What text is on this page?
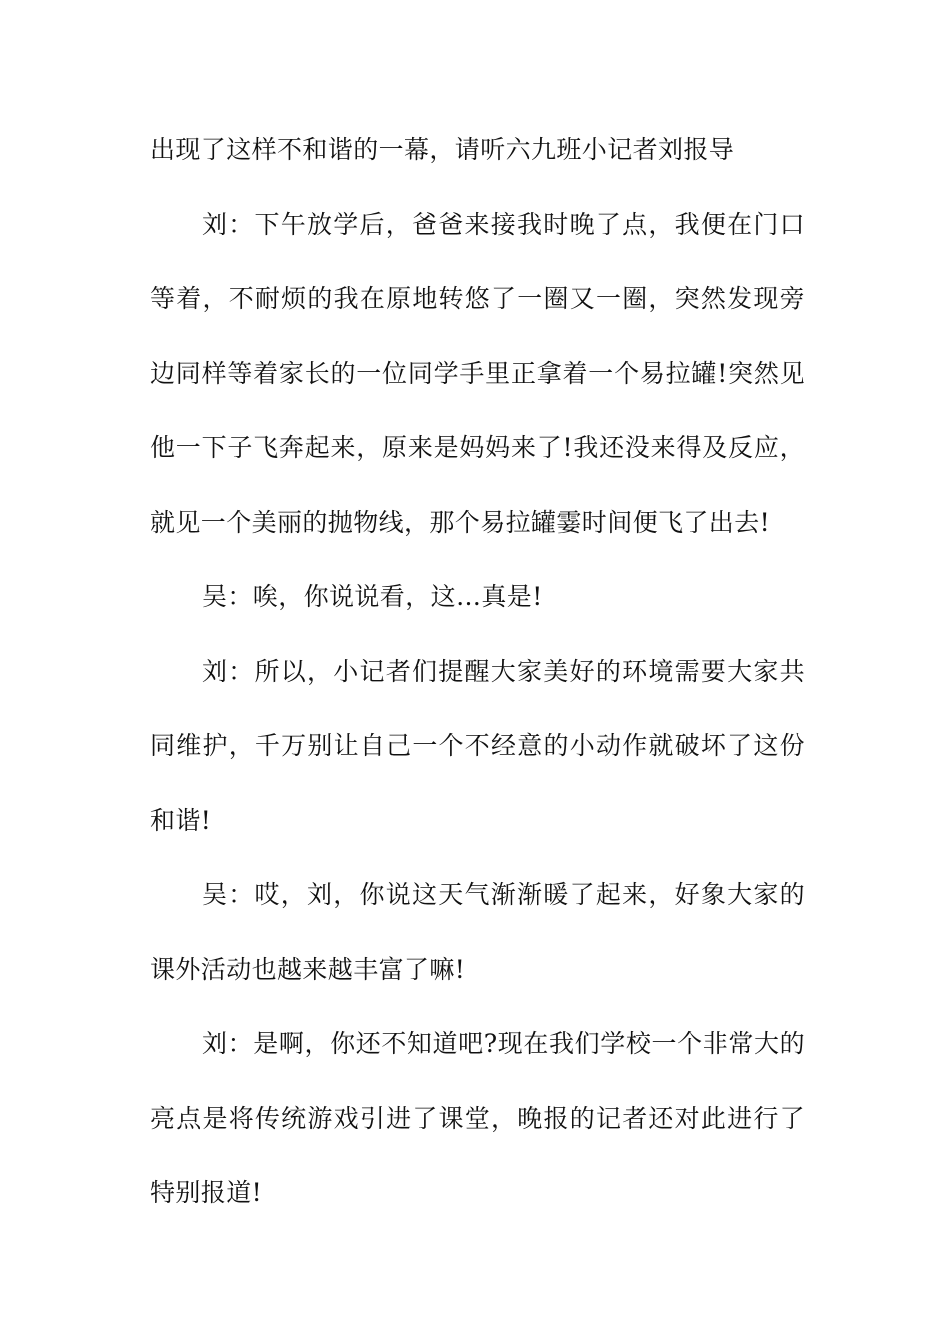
出现了这样不和谐的一幕，请听六九班小记者刘报导

刘：下午放学后，爸爸来接我时晚了点，我便在门口等着，不耐烦的我在原地转悠了一圈又一圈，突然发现旁边同样等着家长的一位同学手里正拿着一个易拉罐!突然见他一下子飞奔起来，原来是妈妈来了!我还没来得及反应，就见一个美丽的抛物线，那个易拉罐霎时间便飞了出去!

吴：唉，你说说看，这…真是!

刘：所以，小记者们提醒大家美好的环境需要大家共同维护，千万别让自己一个不经意的小动作就破坏了这份和谐!

吴：哎，刘，你说这天气渐渐暖了起来，好象大家的课外活动也越来越丰富了嘛!

刘：是啊，你还不知道吧?现在我们学校一个非常大的亮点是将传统游戏引进了课堂，晚报的记者还对此进行了特别报道!
